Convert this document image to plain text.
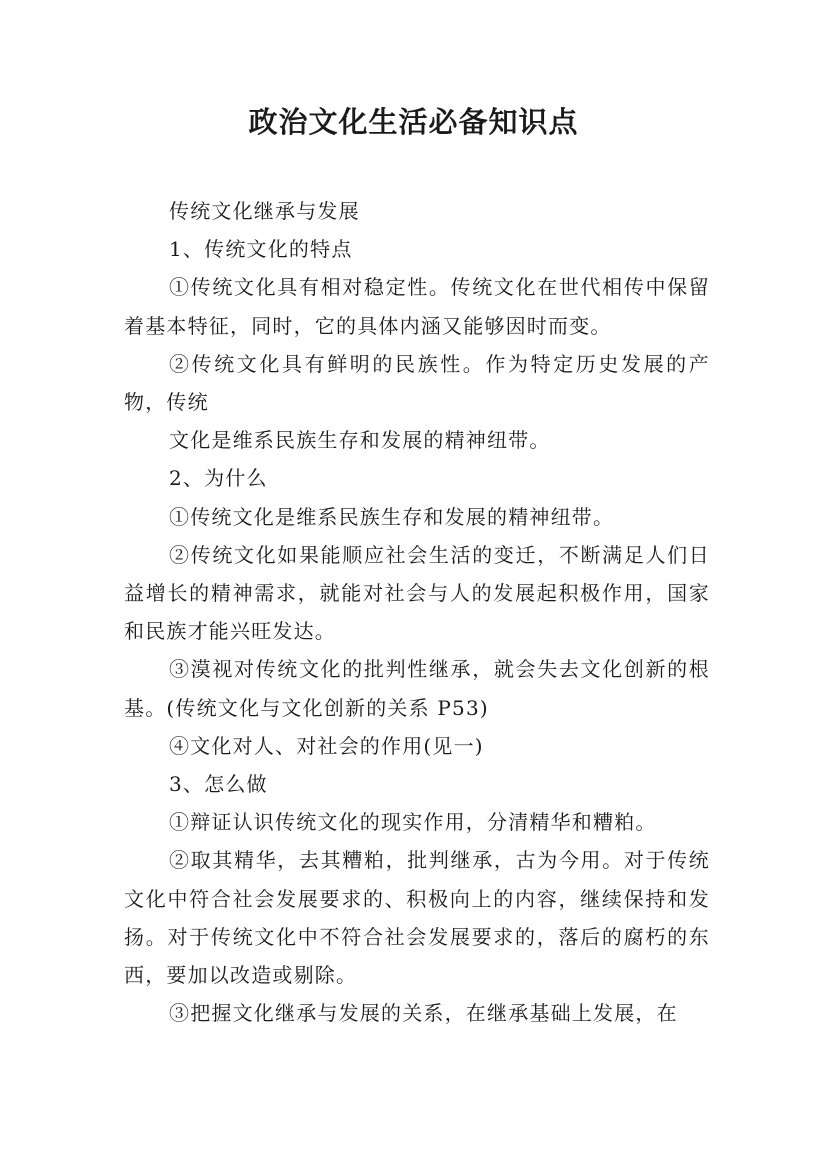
政治文化生活必备知识点

传统文化继承与发展

1、传统文化的特点

①传统文化具有相对稳定性。传统文化在世代相传中保留着基本特征，同时，它的具体内涵又能够因时而变。

②传统文化具有鲜明的民族性。作为特定历史发展的产物，传统

文化是维系民族生存和发展的精神纽带。

2、为什么

①传统文化是维系民族生存和发展的精神纽带。

②传统文化如果能顺应社会生活的变迁，不断满足人们日益增长的精神需求，就能对社会与人的发展起积极作用，国家和民族才能兴旺发达。

③漠视对传统文化的批判性继承，就会失去文化创新的根基。(传统文化与文化创新的关系 P53)

④文化对人、对社会的作用(见一)

3、怎么做

①辩证认识传统文化的现实作用，分清精华和糟粕。

②取其精华，去其糟粕，批判继承，古为今用。对于传统文化中符合社会发展要求的、积极向上的内容，继续保持和发扬。对于传统文化中不符合社会发展要求的，落后的腐朽的东西，要加以改造或剔除。

③把握文化继承与发展的关系，在继承基础上发展，在
